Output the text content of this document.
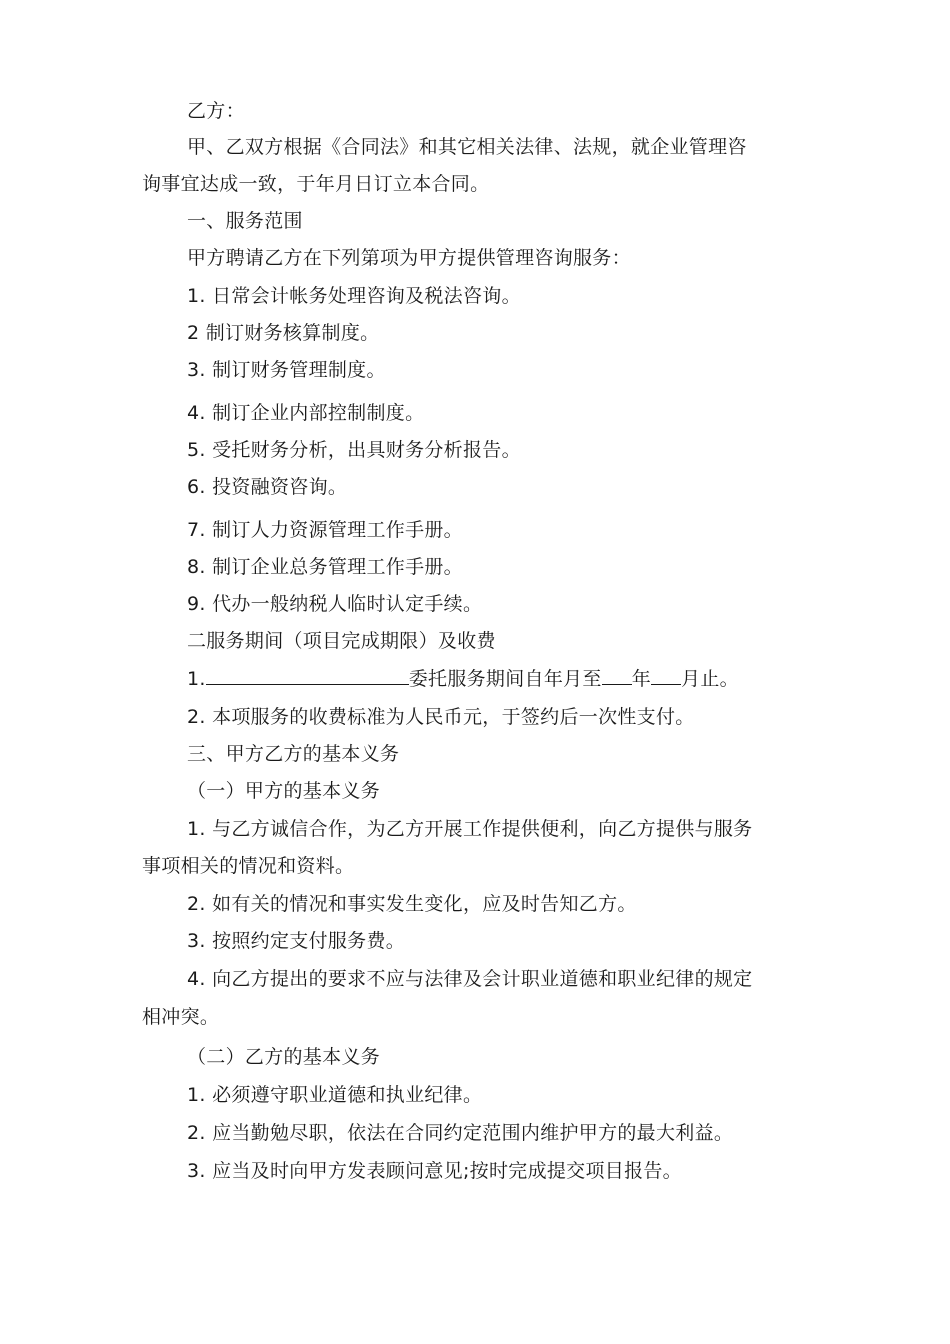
乙方：
甲、乙双方根据《合同法》和其它相关法律、法规，就企业管理咨
询事宜达成一致，于年月日订立本合同。
一、服务范围
甲方聘请乙方在下列第项为甲方提供管理咨询服务：
1. 日常会计帐务处理咨询及税法咨询。
2 制订财务核算制度。
3. 制订财务管理制度。
4. 制订企业内部控制制度。
5. 受托财务分析，出具财务分析报告。
6. 投资融资咨询。
7. 制订人力资源管理工作手册。
8. 制订企业总务管理工作手册。
9. 代办一般纳税人临时认定手续。
二服务期间（项目完成期限）及收费
1.	委托服务期间自年月至 年 月止。
2. 本项服务的收费标准为人民币元，于签约后一次性支付。
三、甲方乙方的基本义务
（一）甲方的基本义务
1. 与乙方诚信合作，为乙方开展工作提供便利，向乙方提供与服务
事项相关的情况和资料。
2. 如有关的情况和事实发生变化，应及时告知乙方。
3. 按照约定支付服务费。
4. 向乙方提出的要求不应与法律及会计职业道德和职业纪律的规定
相冲突。
（二）乙方的基本义务
1. 必须遵守职业道德和执业纪律。
2. 应当勤勉尽职，依法在合同约定范围内维护甲方的最大利益。
3. 应当及时向甲方发表顾问意见;按时完成提交项目报告。
